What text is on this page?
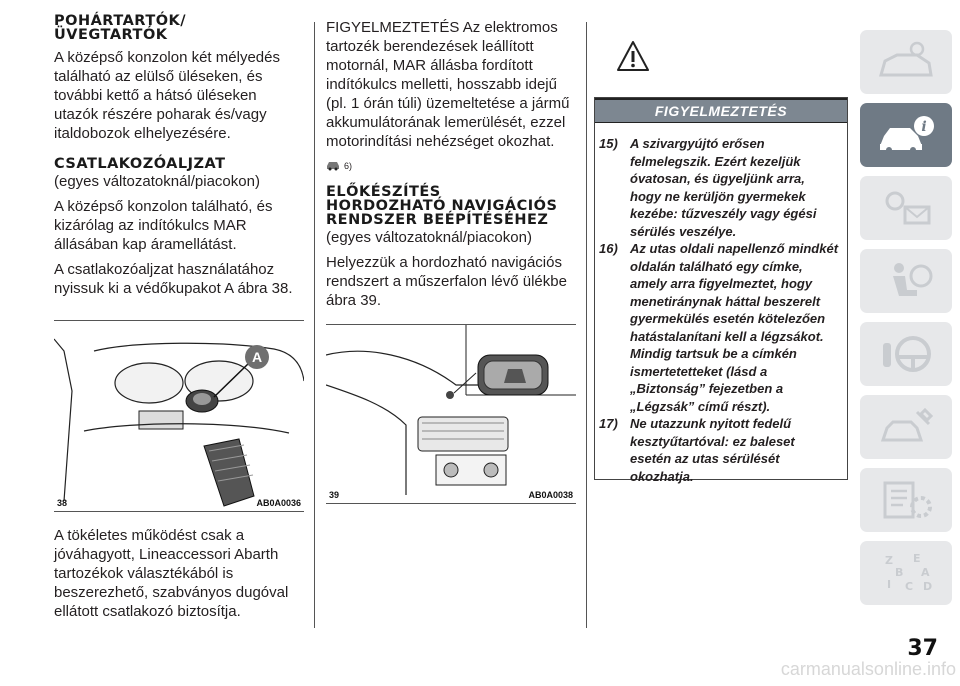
POHÁRTARTÓK/ ÜVEGTARTÓK

A középső konzolon két mélyedés található az elülső üléseken, és további kettő a hátsó üléseken utazók részére poharak és/vagy italdobozok elhelyezésére.

CSATLAKOZÓALJZAT
(egyes változatoknál/piacokon)

A középső konzolon található, és kizárólag az indítókulcs MAR állásában kap áramellátást.

A csatlakozóaljzat használatához nyissuk ki a védőkupakot A ábra 38.

A
38	AB0A0036

A tökéletes működést csak a jóváhagyott, Lineaccessori Abarth tartozékok választékából is beszerezhető, szabványos dugóval ellátott csatlakozó biztosítja.

FIGYELMEZTETÉS Az elektromos tartozék berendezések leállított motornál, MAR állásba fordított indítókulcs melletti, hosszabb idejű (pl. 1 órán túli) üzemeltetése a jármű akkumulátorának lemerülését, ezzel motorindítási nehézséget okozhat.

6)
ELŐKÉSZÍTÉS HORDOZHATÓ NAVIGÁCIÓS RENDSZER BEÉPÍTÉSÉHEZ
(egyes változatoknál/piacokon)

Helyezzük a hordozható navigációs rendszert a műszerfalon lévő ülékbe ábra 39.

39	AB0A0038
FIGYELMEZTETÉS
15) A szivargyújtó erősen felmelegszik. Ezért kezeljük óvatosan, és ügyeljünk arra, hogy ne kerüljön gyermekek kezébe: tűzveszély vagy égési sérülés veszélye.
16) Az utas oldali napellenző mindkét oldalán található egy címke, amely arra figyelmeztet, hogy menetiránynak háttal beszerelt gyermekülés esetén kötelezően hatástalanítani kell a légzsákot. Mindig tartsuk be a címkén ismertetetteket (lásd a „Biztonság” fejezetben a „Légzsák” című részt).
17) Ne utazzunk nyitott fedelű kesztyűtartóval: ez baleset esetén az utas sérülését okozhatja.
i
Z E
B A
I C D
37
carmanualsonline.info
